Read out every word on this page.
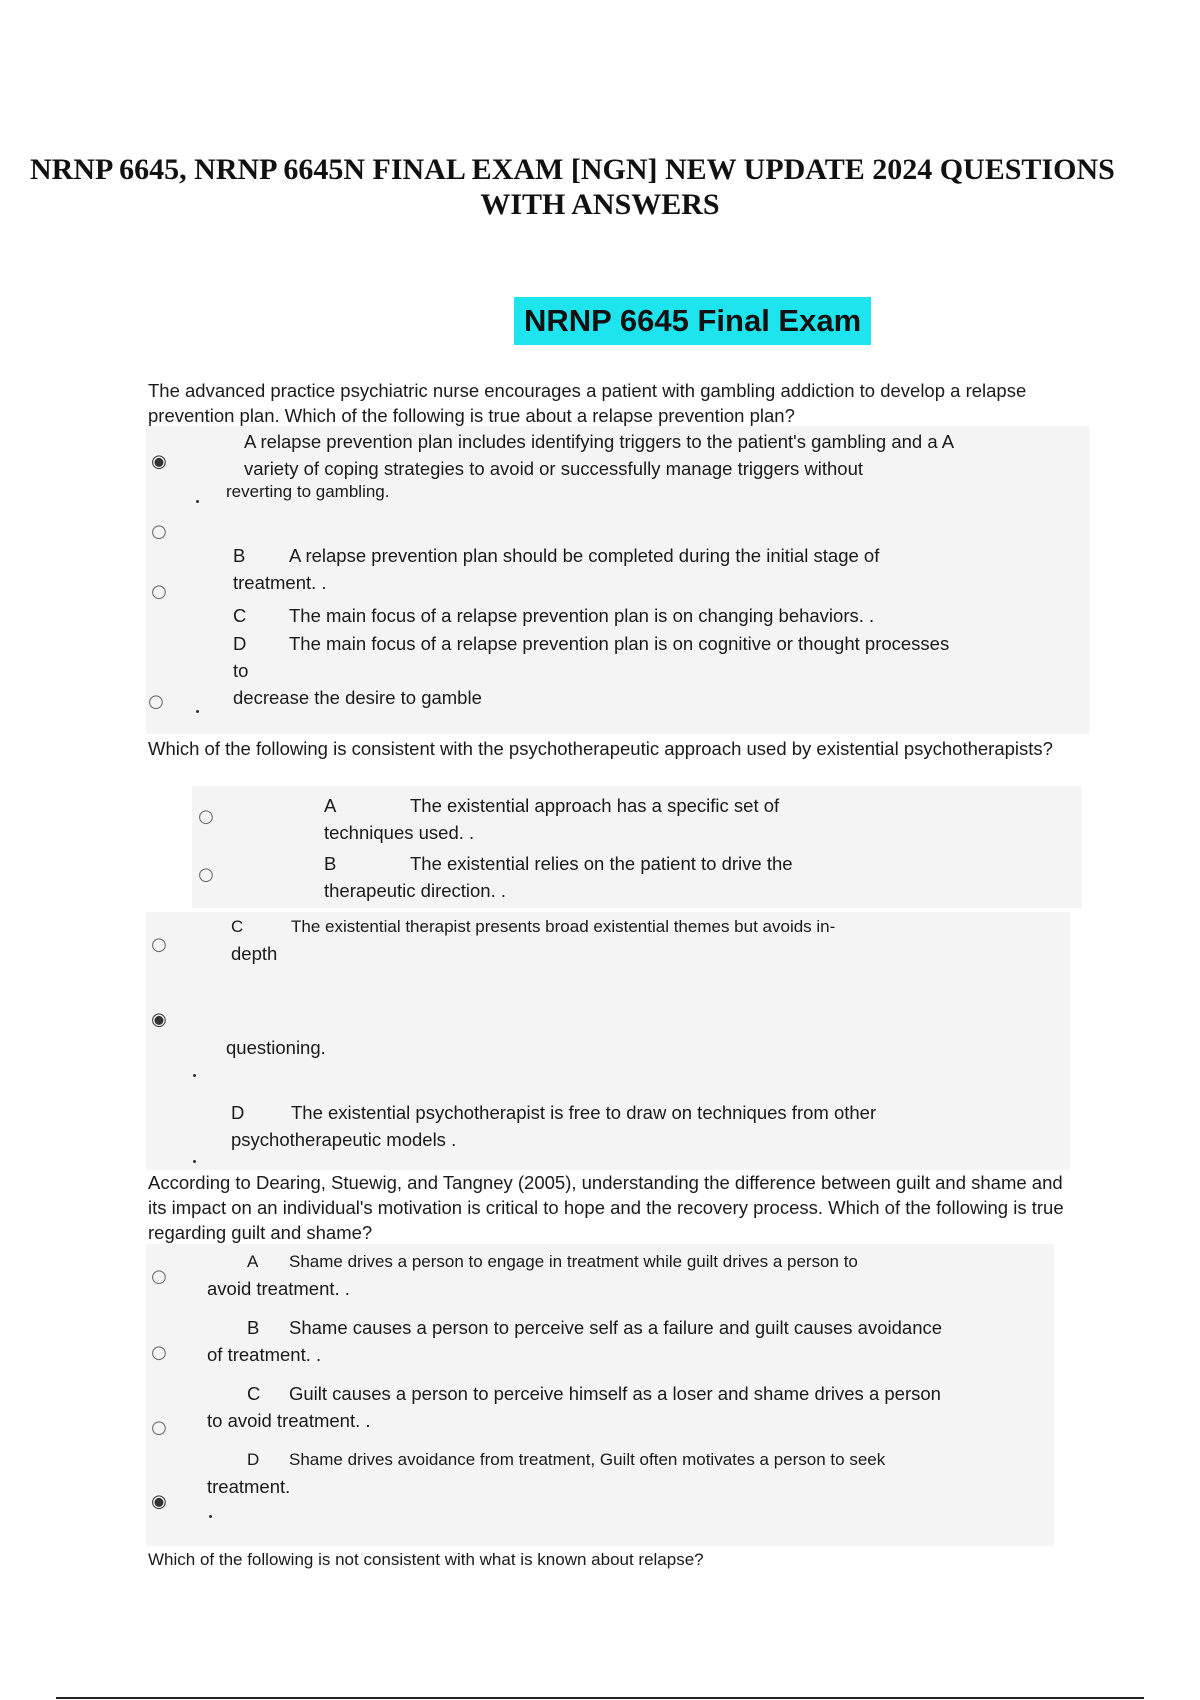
NRNP 6645, NRNP 6645N FINAL EXAM [NGN] NEW UPDATE 2024 QUESTIONS
WITH ANSWERS
NRNP 6645 Final Exam
The advanced practice psychiatric nurse encourages a patient with gambling addiction to develop a relapse prevention plan. Which of the following is true about a relapse prevention plan?
◉
A relapse prevention plan includes identifying triggers to the patient's gambling and a A
variety of coping strategies to avoid or successfully manage triggers without
reverting to gambling.
○
B A relapse prevention plan should be completed during the initial stage of
treatment. .
○
C The main focus of a relapse prevention plan is on changing behaviors. .
D The main focus of a relapse prevention plan is on cognitive or thought processes
to
decrease the desire to gamble
○
Which of the following is consistent with the psychotherapeutic approach used by existential psychotherapists?
○
A	The existential approach has a specific set of
techniques used. .
○
B	The existential relies on the patient to drive the
therapeutic direction. .
○
C	The existential therapist presents broad existential themes but avoids in-
depth
◉
questioning.
D	The existential psychotherapist is free to draw on techniques from other
psychotherapeutic models .
According to Dearing, Stuewig, and Tangney (2005), understanding the difference between guilt and shame and its impact on an individual's motivation is critical to hope and the recovery process. Which of the following is true regarding guilt and shame?
○
A Shame drives a person to engage in treatment while guilt drives a person to
avoid treatment. .
○
B Shame causes a person to perceive self as a failure and guilt causes avoidance
of treatment. .
○
C Guilt causes a person to perceive himself as a loser and shame drives a person
to avoid treatment. .
D Shame drives avoidance from treatment, Guilt often motivates a person to seek
treatment.
◉
Which of the following is not consistent with what is known about relapse?
